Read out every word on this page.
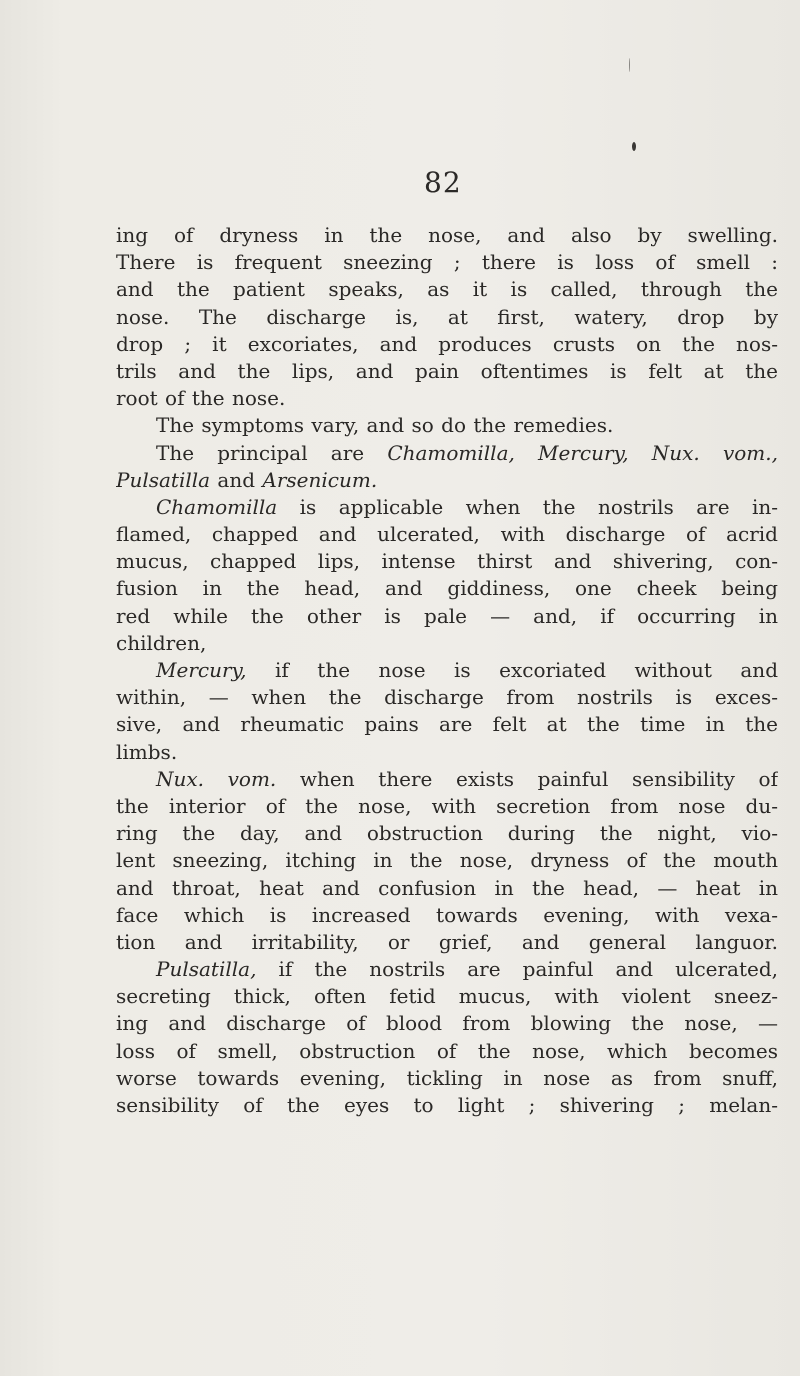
82
ing of dryness in the nose, and also by swelling.
There is frequent sneezing ; there is loss of smell :
and the patient speaks, as it is called, through the
nose. The discharge is, at first, watery, drop by
drop ; it excoriates, and produces crusts on the nos-
trils and the lips, and pain oftentimes is felt at the
root of the nose.
The symptoms vary, and so do the remedies.
The principal are Chamomilla, Mercury, Nux. vom.,
Pulsatilla and Arsenicum.
Chamomilla is applicable when the nostrils are in-
flamed, chapped and ulcerated, with discharge of acrid
mucus, chapped lips, intense thirst and shivering, con-
fusion in the head, and giddiness, one cheek being
red while the other is pale — and, if occurring in
children,
Mercury, if the nose is excoriated without and
within, — when the discharge from nostrils is exces-
sive, and rheumatic pains are felt at the time in the
limbs.
Nux. vom. when there exists painful sensibility of
the interior of the nose, with secretion from nose du-
ring the day, and obstruction during the night, vio-
lent sneezing, itching in the nose, dryness of the mouth
and throat, heat and confusion in the head, — heat in
face which is increased towards evening, with vexa-
tion and irritability, or grief, and general languor.
Pulsatilla, if the nostrils are painful and ulcerated,
secreting thick, often fetid mucus, with violent sneez-
ing and discharge of blood from blowing the nose, —
loss of smell, obstruction of the nose, which becomes
worse towards evening, tickling in nose as from snuff,
sensibility of the eyes to light ; shivering ; melan-
